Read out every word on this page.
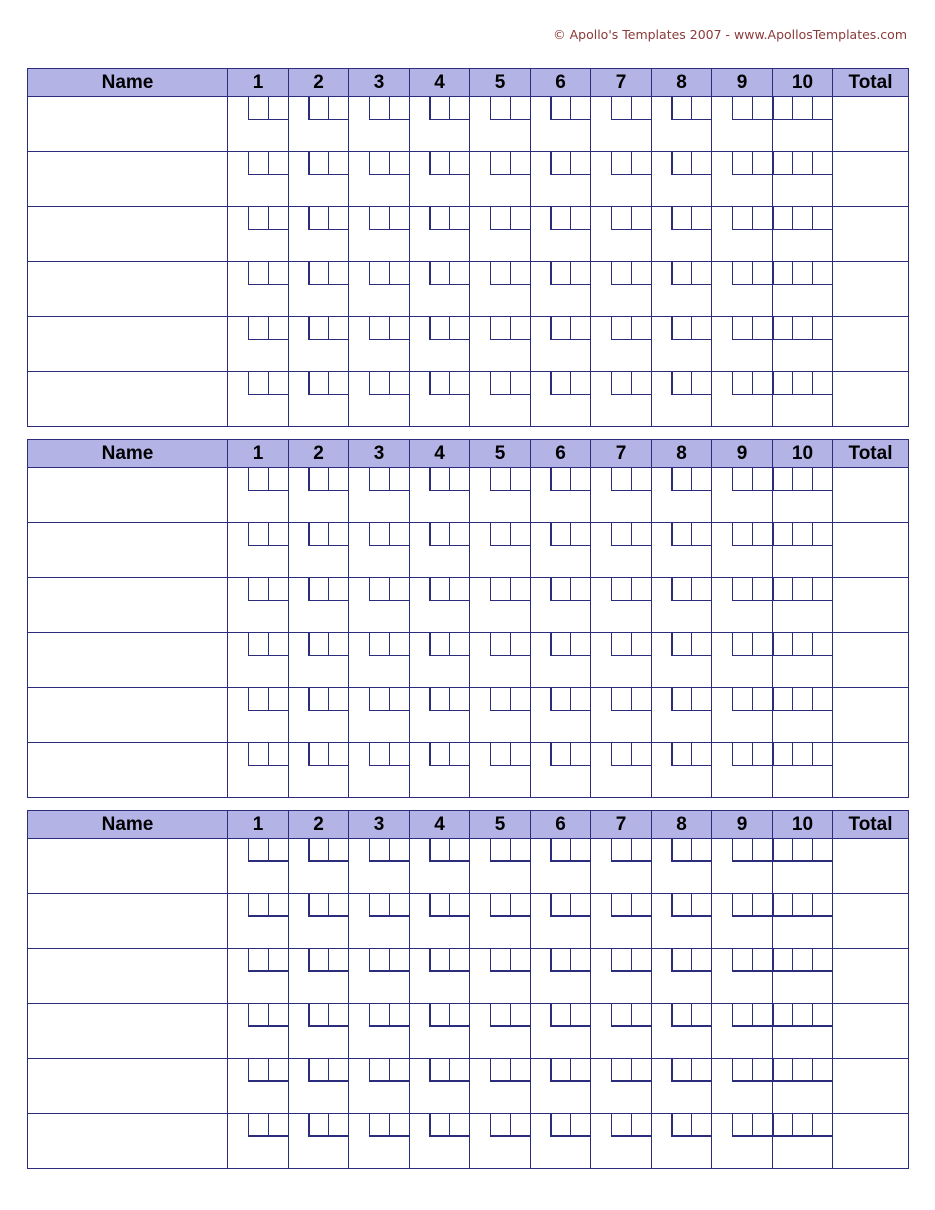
© Apollo's Templates 2007 - www.ApollosTemplates.com
Name	1	2	3	4	5	6	7	8	9	10	Total

Name	1	2	3	4	5	6	7	8	9	10	Total

Name	1	2	3	4	5	6	7	8	9	10	Total
